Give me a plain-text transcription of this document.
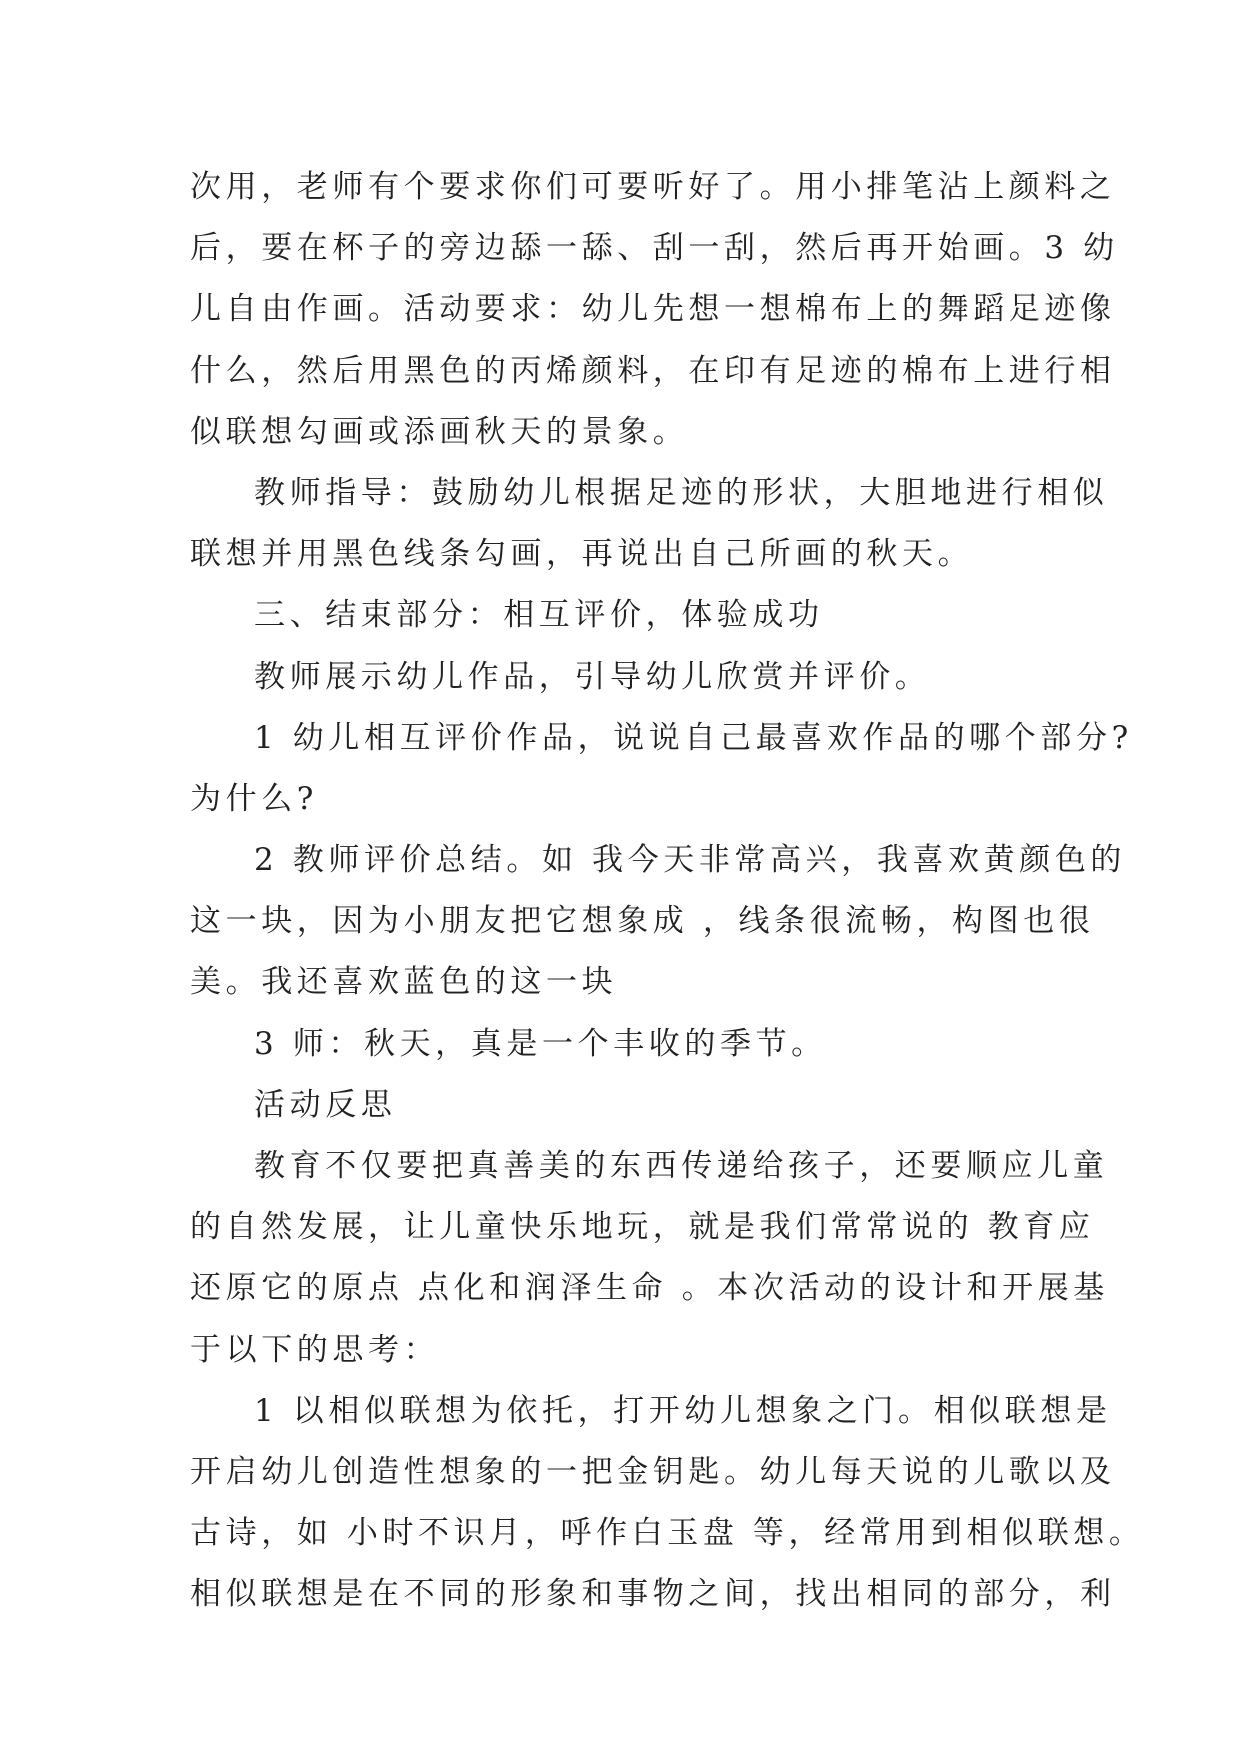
次用，老师有个要求你们可要听好了。用小排笔沾上颜料之
后，要在杯子的旁边舔一舔、刮一刮，然后再开始画。3 幼
儿自由作画。活动要求：幼儿先想一想棉布上的舞蹈足迹像
什么，然后用黑色的丙烯颜料，在印有足迹的棉布上进行相
似联想勾画或添画秋天的景象。
教师指导：鼓励幼儿根据足迹的形状，大胆地进行相似
联想并用黑色线条勾画，再说出自己所画的秋天。
三、结束部分：相互评价，体验成功
教师展示幼儿作品，引导幼儿欣赏并评价。
1 幼儿相互评价作品，说说自己最喜欢作品的哪个部分?
为什么?
2 教师评价总结。如 我今天非常高兴，我喜欢黄颜色的
这一块，因为小朋友把它想象成 ，线条很流畅，构图也很
美。我还喜欢蓝色的这一块
3 师：秋天，真是一个丰收的季节。
活动反思
教育不仅要把真善美的东西传递给孩子，还要顺应儿童
的自然发展，让儿童快乐地玩，就是我们常常说的 教育应
还原它的原点 点化和润泽生命 。本次活动的设计和开展基
于以下的思考：
1 以相似联想为依托，打开幼儿想象之门。相似联想是
开启幼儿创造性想象的一把金钥匙。幼儿每天说的儿歌以及
古诗，如 小时不识月，呼作白玉盘 等，经常用到相似联想。
相似联想是在不同的形象和事物之间，找出相同的部分，利
